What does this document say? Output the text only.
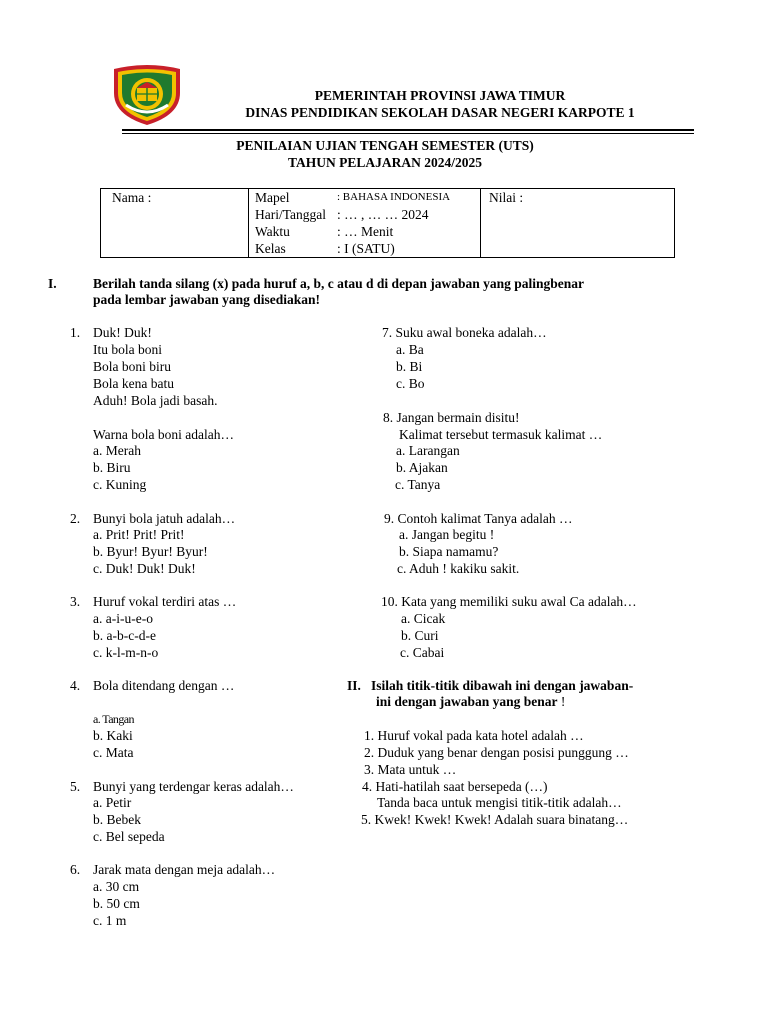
PEMERINTAH PROVINSI JAWA TIMUR
DINAS PENDIDIKAN SEKOLAH DASAR NEGERI KARPOTE 1
PENILAIAN UJIAN TENGAH SEMESTER (UTS)
TAHUN PELAJARAN 2024/2025
Nama :	Mapel	: BAHASA INDONESIA
Hari/Tanggal : … , … … 2024
Waktu	: … Menit
Kelas	: I (SATU)

Nilai :
I.	Berilah tanda silang (x) pada huruf a, b, c atau d di depan jawaban yang palingbenar
pada lembar jawaban yang disediakan!
1. Duk! Duk!
Itu bola boni
Bola boni biru
Bola kena batu
Aduh! Bola jadi basah.
Warna bola boni adalah…
a. Merah
b. Biru
c. Kuning
2. Bunyi bola jatuh adalah…
a. Prit! Prit! Prit!
b. Byur! Byur! Byur!
c. Duk! Duk! Duk!
3. Huruf vokal terdiri atas …
a. a-i-u-e-o
b. a-b-c-d-e
c. k-l-m-n-o
4. Bola ditendang dengan …
a. Tangan
b. Kaki
c. Mata
5. Bunyi yang terdengar keras adalah…
a. Petir
b. Bebek
c. Bel sepeda
6. Jarak mata dengan meja adalah…
a. 30 cm
b. 50 cm
c. 1 m
7. Suku awal boneka adalah…
a. Ba
b. Bi
c. Bo
8. Jangan bermain disitu!
Kalimat tersebut termasuk kalimat …
a. Larangan
b. Ajakan
c. Tanya
9. Contoh kalimat Tanya adalah …
a. Jangan begitu !
b. Siapa namamu?
c. Aduh ! kakiku sakit.
10. Kata yang memiliki suku awal Ca adalah…
a. Cicak
b. Curi
c. Cabai
II. Isilah titik-titik dibawah ini dengan jawaban-
ini dengan jawaban yang benar !
1. Huruf vokal pada kata hotel adalah …
2. Duduk yang benar dengan posisi punggung …
3. Mata untuk …
4. Hati-hatilah saat bersepeda (…)
Tanda baca untuk mengisi titik-titik adalah…
5. Kwek! Kwek! Kwek! Adalah suara binatang…
